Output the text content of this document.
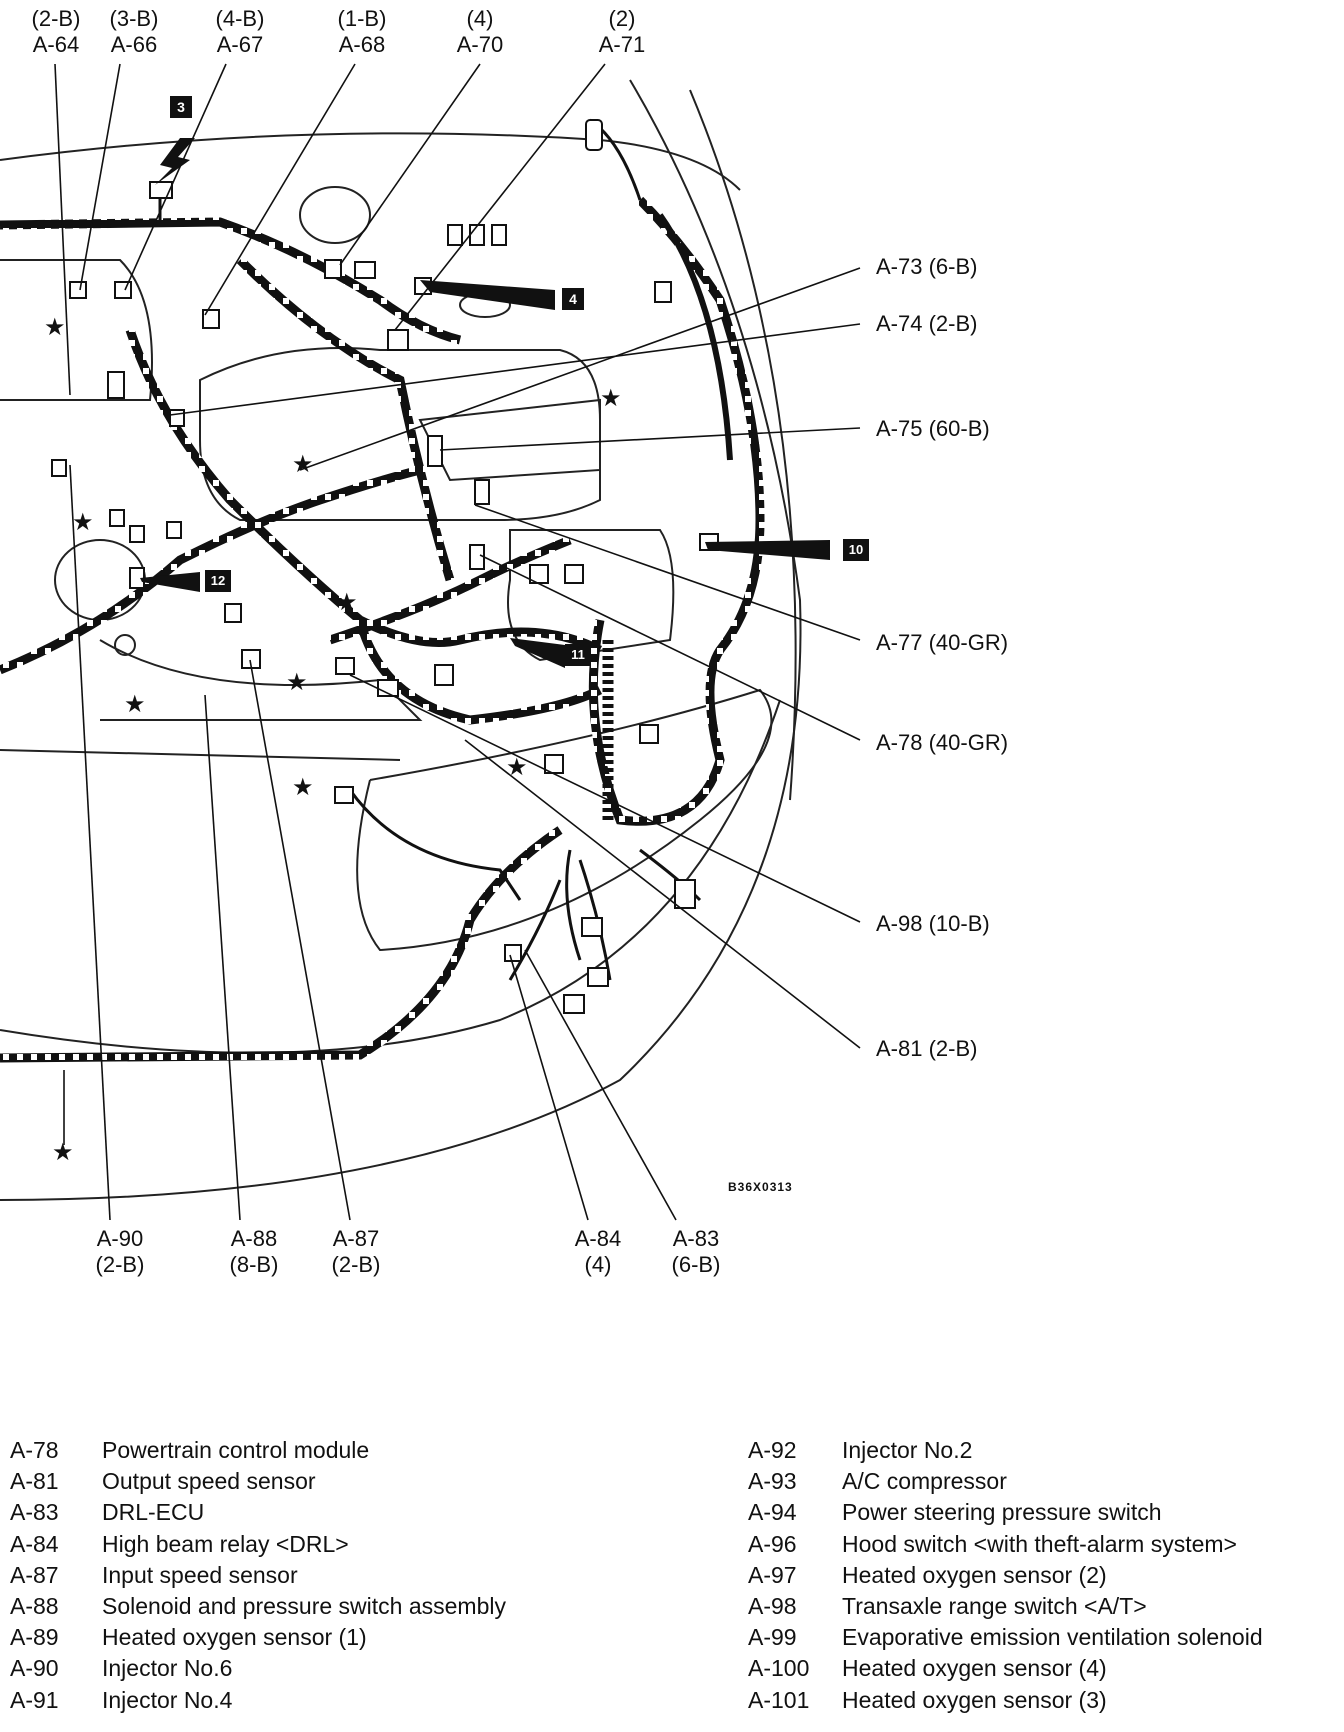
★
★
★
★
★
★
★
★
★
★
3
4
10
11
12
(2-B)
A-64
(3-B)
A-66
(4-B)
A-67
(1-B)
A-68
(4)
A-70
(2)
A-71
A-73 (6-B)
A-74 (2-B)
A-75 (60-B)
A-77 (40-GR)
A-78 (40-GR)
A-98 (10-B)
A-81 (2-B)
B36X0313
A-90
(2-B)
A-88
(8-B)
A-87
(2-B)
A-84
(4)
A-83
(6-B)
A-78	Powertrain control module
A-81	Output speed sensor
A-83	DRL-ECU
A-84	High beam relay <DRL>
A-87	Input speed sensor
A-88	Solenoid and pressure switch assembly
A-89	Heated oxygen sensor (1)
A-90	Injector No.6
A-91	Injector No.4
A-92	Injector No.2
A-93	A/C compressor
A-94	Power steering pressure switch
A-96	Hood switch <with theft-alarm system>
A-97	Heated oxygen sensor (2)
A-98	Transaxle range switch <A/T>
A-99	Evaporative emission ventilation solenoid
A-100	Heated oxygen sensor (4)
A-101	Heated oxygen sensor (3)
